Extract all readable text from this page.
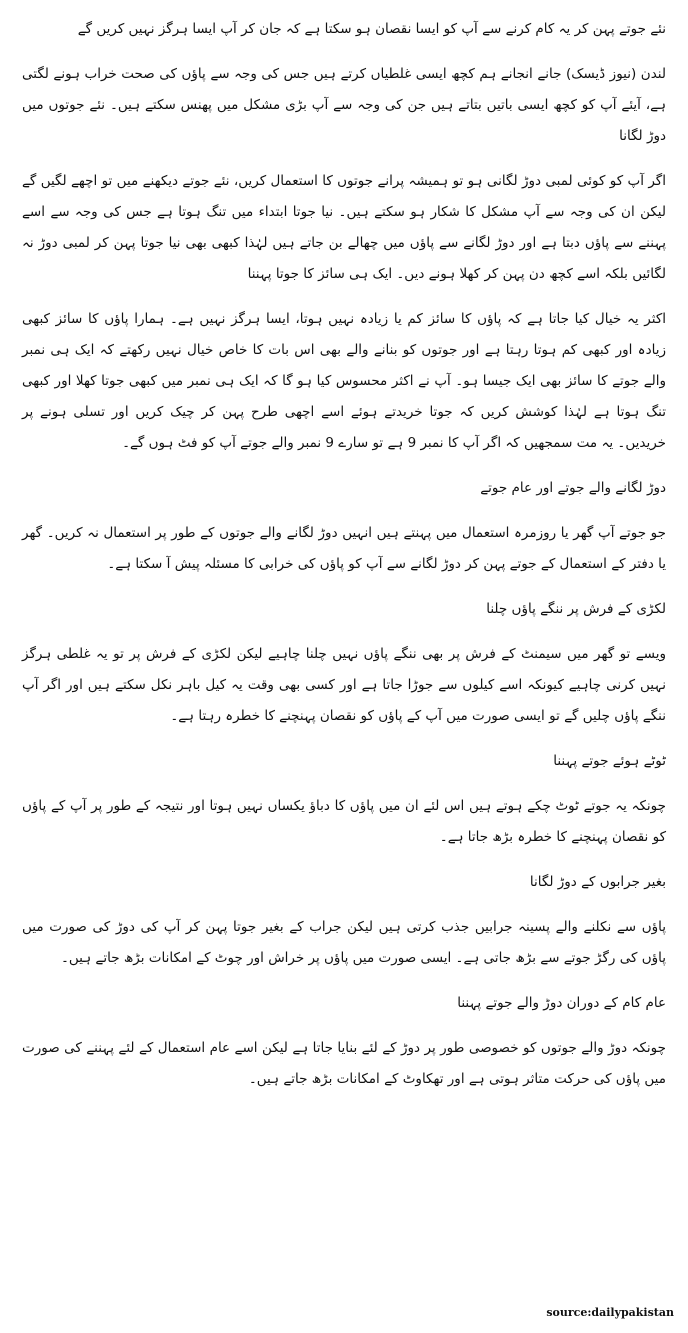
نئے جوتے پہن کر یہ کام کرنے سے آپ کو ایسا نقصان ہو سکتا ہے کہ جان کر آپ ایسا ہرگز نہیں کریں گے

لندن (نیوز ڈیسک) جانے انجانے ہم کچھ ایسی غلطیاں کرتے ہیں جس کی وجہ سے پاؤں کی صحت خراب ہونے لگتی ہے، آیئے آپ کو کچھ ایسی باتیں بتاتے ہیں جن کی وجہ سے آپ بڑی مشکل میں پھنس سکتے ہیں۔ نئے جوتوں میں دوڑ لگانا

اگر آپ کو کوئی لمبی دوڑ لگانی ہو تو ہمیشہ پرانے جوتوں کا استعمال کریں، نئے جوتے دیکھنے میں تو اچھے لگیں گے لیکن ان کی وجہ سے آپ مشکل کا شکار ہو سکتے ہیں۔ نیا جوتا ابتداء میں تنگ ہوتا ہے جس کی وجہ سے اسے پہننے سے پاؤں دبتا ہے اور دوڑ لگانے سے پاؤں میں چھالے بن جاتے ہیں لہٰذا کبھی بھی نیا جوتا پہن کر لمبی دوڑ نہ لگائیں بلکہ اسے کچھ دن پہن کر کھلا ہونے دیں۔ ایک ہی سائز کا جوتا پہننا

اکثر یہ خیال کیا جاتا ہے کہ پاؤں کا سائز کم یا زیادہ نہیں ہوتا، ایسا ہرگز نہیں ہے۔ ہمارا پاؤں کا سائز کبھی زیادہ اور کبھی کم ہوتا رہتا ہے اور جوتوں کو بنانے والے بھی اس بات کا خاص خیال نہیں رکھتے کہ ایک ہی نمبر والے جوتے کا سائز بھی ایک جیسا ہو۔ آپ نے اکثر محسوس کیا ہو گا کہ ایک ہی نمبر میں کبھی جوتا کھلا اور کبھی تنگ ہوتا ہے لہٰذا کوشش کریں کہ جوتا خریدتے ہوئے اسے اچھی طرح پہن کر چیک کریں اور تسلی ہونے پر خریدیں۔ یہ مت سمجھیں کہ اگر آپ کا نمبر 9 ہے تو سارے 9 نمبر والے جوتے آپ کو فٹ ہوں گے۔

دوڑ لگانے والے جوتے اور عام جوتے

جو جوتے آپ گھر یا روزمرہ استعمال میں پہنتے ہیں انہیں دوڑ لگانے والے جوتوں کے طور پر استعمال نہ کریں۔ گھر یا دفتر کے استعمال کے جوتے پہن کر دوڑ لگانے سے آپ کو پاؤں کی خرابی کا مسئلہ پیش آ سکتا ہے۔

لکڑی کے فرش پر ننگے پاؤں چلنا

ویسے تو گھر میں سیمنٹ کے فرش پر بھی ننگے پاؤں نہیں چلنا چاہیے لیکن لکڑی کے فرش پر تو یہ غلطی ہرگز نہیں کرنی چاہیے کیونکہ اسے کیلوں سے جوڑا جاتا ہے اور کسی بھی وقت یہ کیل باہر نکل سکتے ہیں اور اگر آپ ننگے پاؤں چلیں گے تو ایسی صورت میں آپ کے پاؤں کو نقصان پہنچنے کا خطرہ رہتا ہے۔

ٹوٹے ہوئے جوتے پہننا

چونکہ یہ جوتے ٹوٹ چکے ہوتے ہیں اس لئے ان میں پاؤں کا دباؤ یکساں نہیں ہوتا اور نتیجہ کے طور پر آپ کے پاؤں کو نقصان پہنچنے کا خطرہ بڑھ جاتا ہے۔

بغیر جرابوں کے دوڑ لگانا

پاؤں سے نکلنے والے پسینہ جرابیں جذب کرتی ہیں لیکن جراب کے بغیر جوتا پہن کر آپ کی دوڑ کی صورت میں پاؤں کی رگڑ جوتے سے بڑھ جاتی ہے۔ ایسی صورت میں پاؤں پر خراش اور چوٹ کے امکانات بڑھ جاتے ہیں۔

عام کام کے دوران دوڑ والے جوتے پہننا

چونکہ دوڑ والے جوتوں کو خصوصی طور پر دوڑ کے لئے بنایا جاتا ہے لیکن اسے عام استعمال کے لئے پہننے کی صورت میں پاؤں کی حرکت متاثر ہوتی ہے اور تھکاوٹ کے امکانات بڑھ جاتے ہیں۔

source:dailypakistan
